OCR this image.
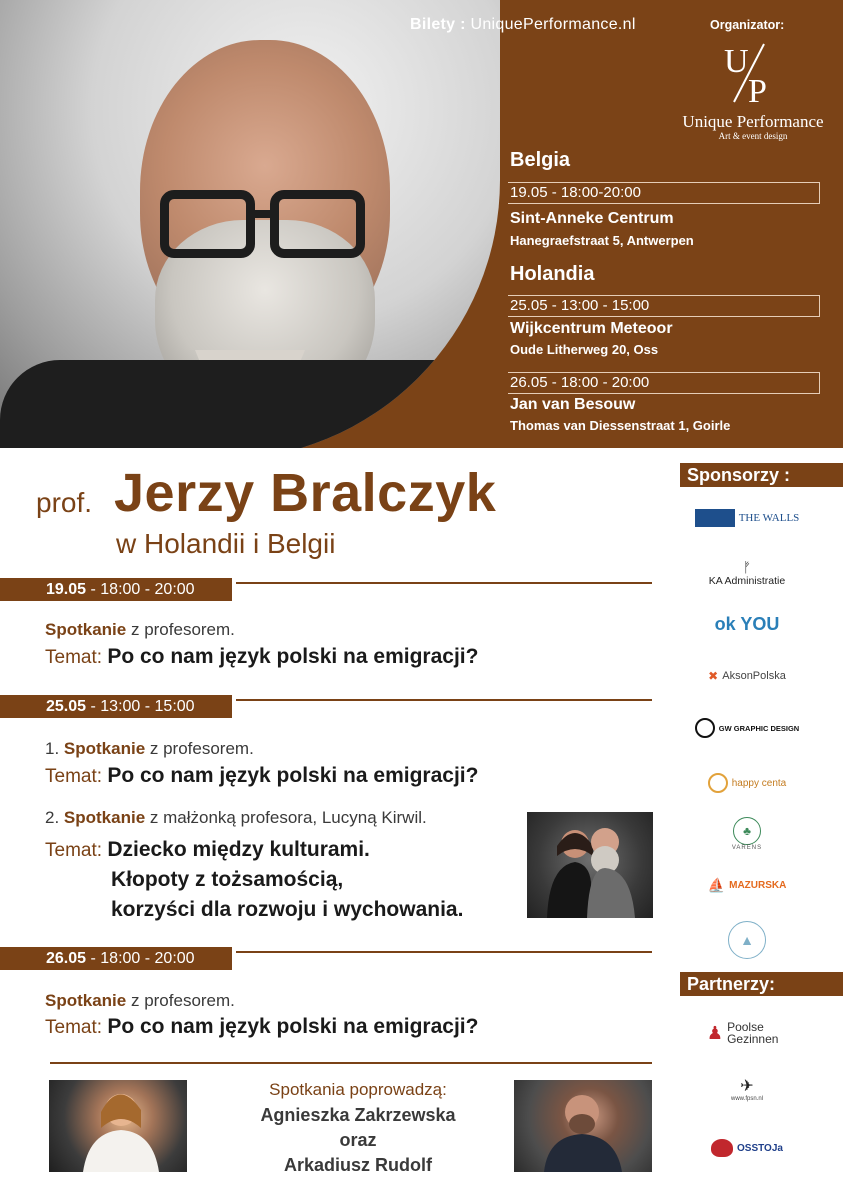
Bilety : UniquePerformance.nl	Organizator:
U
P
Unique Performance
Art & event design
Belgia
19.05 - 18:00-20:00
Sint-Anneke Centrum
Hanegraefstraat 5, Antwerpen
Holandia
25.05 - 13:00 - 15:00
Wijkcentrum Meteoor
Oude Litherweg 20, Oss
26.05 - 18:00 - 20:00
Jan van Besouw
Thomas van Diessenstraat 1, Goirle
prof. Jerzy Bralczyk
w Holandii i Belgii
19.05 - 18:00 - 20:00
Spotkanie z profesorem.
Temat: Po co nam język polski na emigracji?
25.05 - 13:00 - 15:00
1. Spotkanie z profesorem.
Temat: Po co nam język polski na emigracji?
2. Spotkanie z małżonką profesora, Lucyną Kirwil.
Temat: Dziecko między kulturami.
Kłopoty z tożsamością,
korzyści dla rozwoju i wychowania.
26.05 - 18:00 - 20:00
Spotkanie z profesorem.
Temat: Po co nam język polski na emigracji?
Spotkania poprowadzą:
Agnieszka Zakrzewska
oraz
Arkadiusz Rudolf
Sponsorzy :
THE WALLS
ᚠ
KA Administratie
ok YOU
✖ AksonPolska
GW GRAPHIC DESIGN
happy centa
♣
VARENS
⛵ MAZURSKA
▲
Partnerzy:
♟ Poolse Gezinnen
✈
www.fpsn.nl
OSSTOJa
